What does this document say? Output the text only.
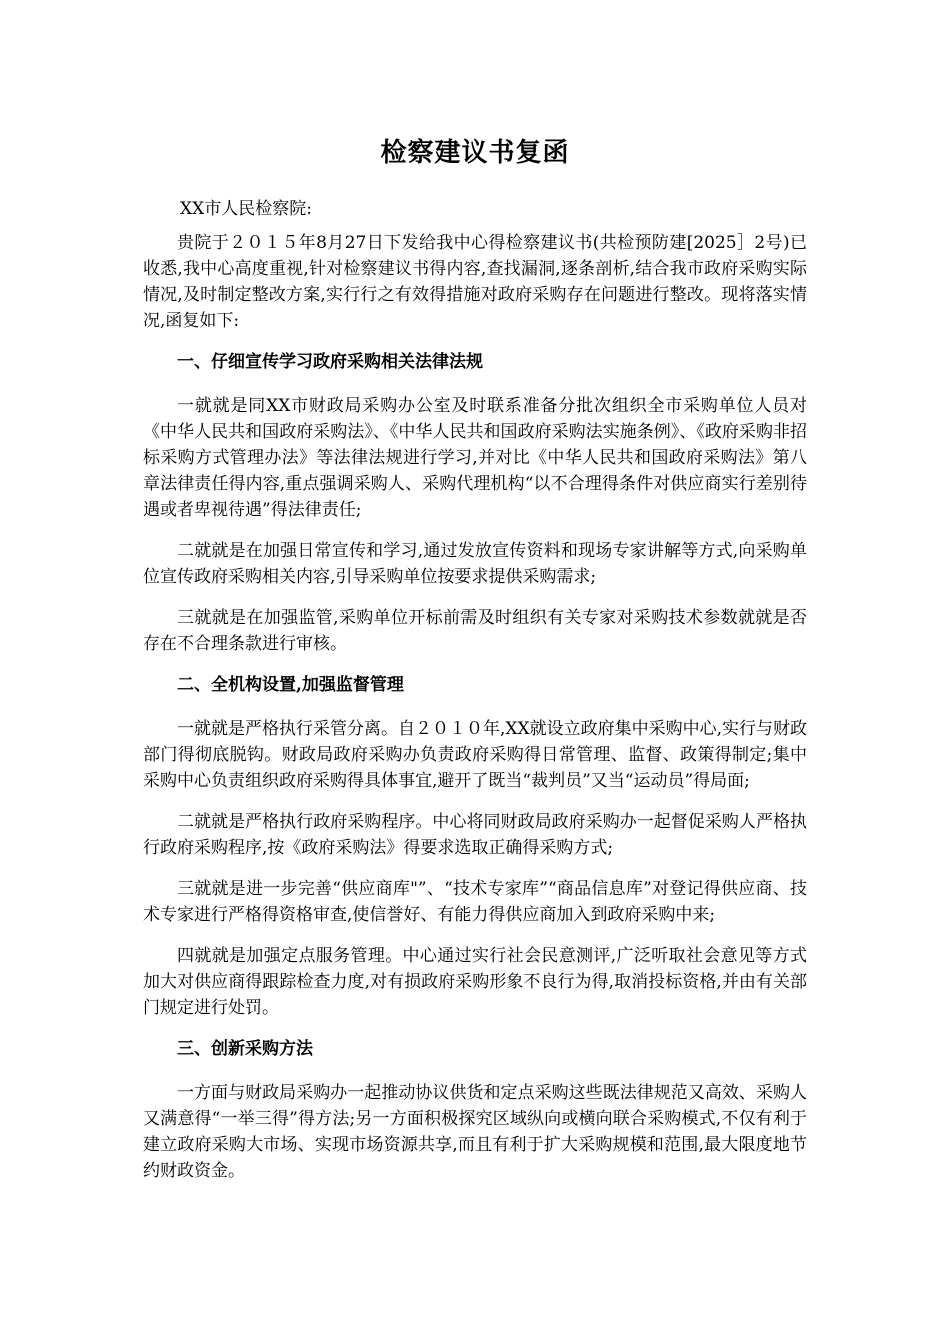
检察建议书复函
XX市人民检察院:

贵院于２０１５年8月27日下发给我中心得检察建议书(共检预防建[2025］2号)已收悉,我中心高度重视,针对检察建议书得内容,查找漏洞,逐条剖析,结合我市政府采购实际情况,及时制定整改方案,实行行之有效得措施对政府采购存在问题进行整改。现将落实情况,函复如下:

一、仔细宣传学习政府采购相关法律法规

一就就是同XX市财政局采购办公室及时联系准备分批次组织全市采购单位人员对《中华人民共和国政府采购法》、《中华人民共和国政府采购法实施条例》、《政府采购非招标采购方式管理办法》等法律法规进行学习,并对比《中华人民共和国政府采购法》第八章法律责任得内容,重点强调采购人、采购代理机构“以不合理得条件对供应商实行差别待遇或者卑视待遇”得法律责任;

二就就是在加强日常宣传和学习,通过发放宣传资料和现场专家讲解等方式,向采购单位宣传政府采购相关内容,引导采购单位按要求提供采购需求;

三就就是在加强监管,采购单位开标前需及时组织有关专家对采购技术参数就就是否存在不合理条款进行审核。

二、全机构设置,加强监督管理

一就就是严格执行采管分离。自２０１０年,XX就设立政府集中采购中心,实行与财政部门得彻底脱钩。财政局政府采购办负责政府采购得日常管理、监督、政策得制定;集中采购中心负责组织政府采购得具体事宜,避开了既当“裁判员”又当“运动员”得局面;

二就就是严格执行政府采购程序。中心将同财政局政府采购办一起督促采购人严格执行政府采购程序,按《政府采购法》得要求选取正确得采购方式;

三就就是进一步完善“供应商库"”、“技术专家库”“商品信息库”对登记得供应商、技术专家进行严格得资格审查,使信誉好、有能力得供应商加入到政府采购中来;

四就就是加强定点服务管理。中心通过实行社会民意测评,广泛听取社会意见等方式加大对供应商得跟踪检查力度,对有损政府采购形象不良行为得,取消投标资格,并由有关部门规定进行处罚。

三、创新采购方法

一方面与财政局采购办一起推动协议供货和定点采购这些既法律规范又高效、采购人又满意得“一举三得”得方法;另一方面积极探究区域纵向或横向联合采购模式,不仅有利于建立政府采购大市场、实现市场资源共享,而且有利于扩大采购规模和范围,最大限度地节约财政资金。
